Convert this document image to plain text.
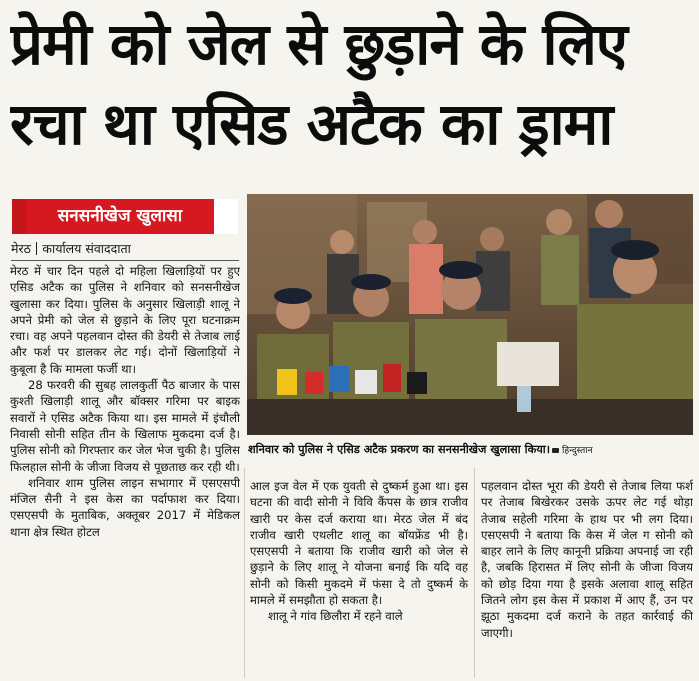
प्रेमी को जेल से छुड़ाने के लिए
रचा था एसिड अटैक का ड्रामा
सनसनीखेज खुलासा
मेरठ कार्यालय संवाददाता

मेरठ में चार दिन पहले दो महिला खिलाड़ियों पर हुए एसिड अटैक का पुलिस ने शनिवार को सनसनीखेज खुलासा कर दिया। पुलिस के अनुसार खिलाड़ी शालू ने अपने प्रेमी को जेल से छुड़ाने के लिए पूरा घटनाक्रम रचा। वह अपने पहलवान दोस्त की डेयरी से तेजाब लाई और फर्श पर डालकर लेट गई। दोनों खिलाड़ियों ने कुबूला है कि मामला फर्जी था।

28 फरवरी की सुबह लालकुर्ती पैठ बाजार के पास कुश्ती खिलाड़ी शालू और बॉक्सर गरिमा पर बाइक सवारों ने एसिड अटैक किया था। इस मामले में इंचौली निवासी सोनी सहित तीन के खिलाफ मुकदमा दर्ज है। पुलिस सोनी को गिरफ्तार कर जेल भेज चुकी है। पुलिस फिलहाल सोनी के जीजा विजय से पूछताछ कर रही थी।

शनिवार शाम पुलिस लाइन सभागार में एसएसपी मंजिल सैनी ने इस केस का पर्दाफाश कर दिया। एसएसपी के मुताबिक, अक्तूबर 2017 में मेडिकल थाना क्षेत्र स्थित होटल

शनिवार को पुलिस ने एसिड अटैक प्रकरण का सनसनीखेज खुलासा किया। हिन्दुस्तान

आल इज वेल में एक युवती से दुष्कर्म हुआ था। इस घटना की वादी सोनी ने विवि कैंपस के छात्र राजीव खारी पर केस दर्ज कराया था। मेरठ जेल में बंद राजीव खारी एथलीट शालू का बॉयफ्रेंड भी है। एसएसपी ने बताया कि राजीव खारी को जेल से छुड़ाने के लिए शालू ने योजना बनाई कि यदि वह सोनी को किसी मुकदमे में फंसा दे तो दुष्कर्म के मामले में समझौता हो सकता है।

शालू ने गांव छिलौरा में रहने वाले

पहलवान दोस्त भूरा की डेयरी से तेजाब लिया फर्श पर तेजाब बिखेरकर उसके ऊपर लेट गई थोड़ा तेजाब सहेली गरिमा के हाथ पर भी लग दिया। एसएसपी ने बताया कि केस में जेल ग सोनी को बाहर लाने के लिए कानूनी प्रक्रिया अपनाई जा रही है, जबकि हिरासत में लिए सोनी के जीजा विजय को छोड़ दिया गया है इसके अलावा शालू सहित जितने लोग इस केस में प्रकाश में आए हैं, उन पर झूठा मुकदमा दर्ज कराने के तहत कार्रवाई की जाएगी।
